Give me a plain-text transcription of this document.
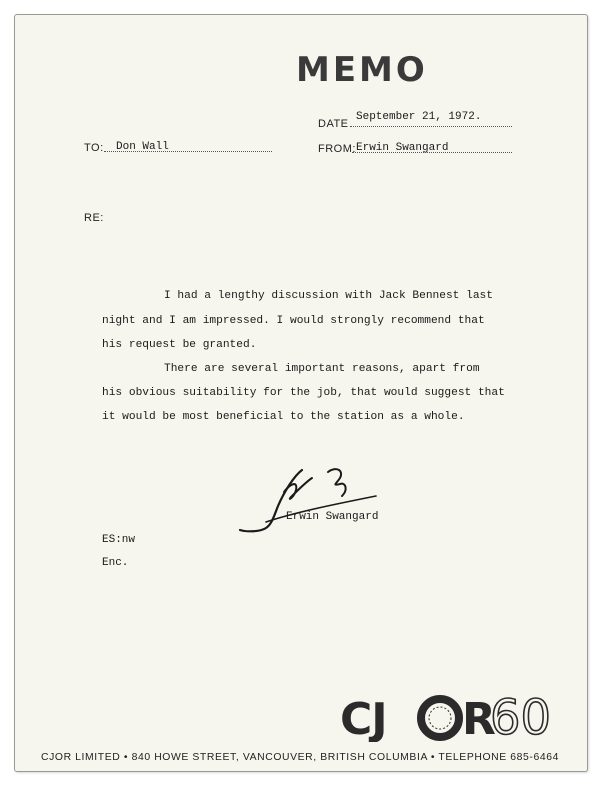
MEMO
DATE
September 21, 1972.
TO: Don Wall	FROM: Erwin Swangard
RE:
I had a lengthy discussion with Jack Bennest last
night and I am impressed. I would strongly recommend that
his request be granted.
There are several important reasons, apart from
his obvious suitability for the job, that would suggest that
it would be most beneficial to the station as a whole.
Erwin Swangard
ES:nw
Enc.
CJ R
60
CJOR LIMITED • 840 HOWE STREET, VANCOUVER, BRITISH COLUMBIA • TELEPHONE 685-6464
